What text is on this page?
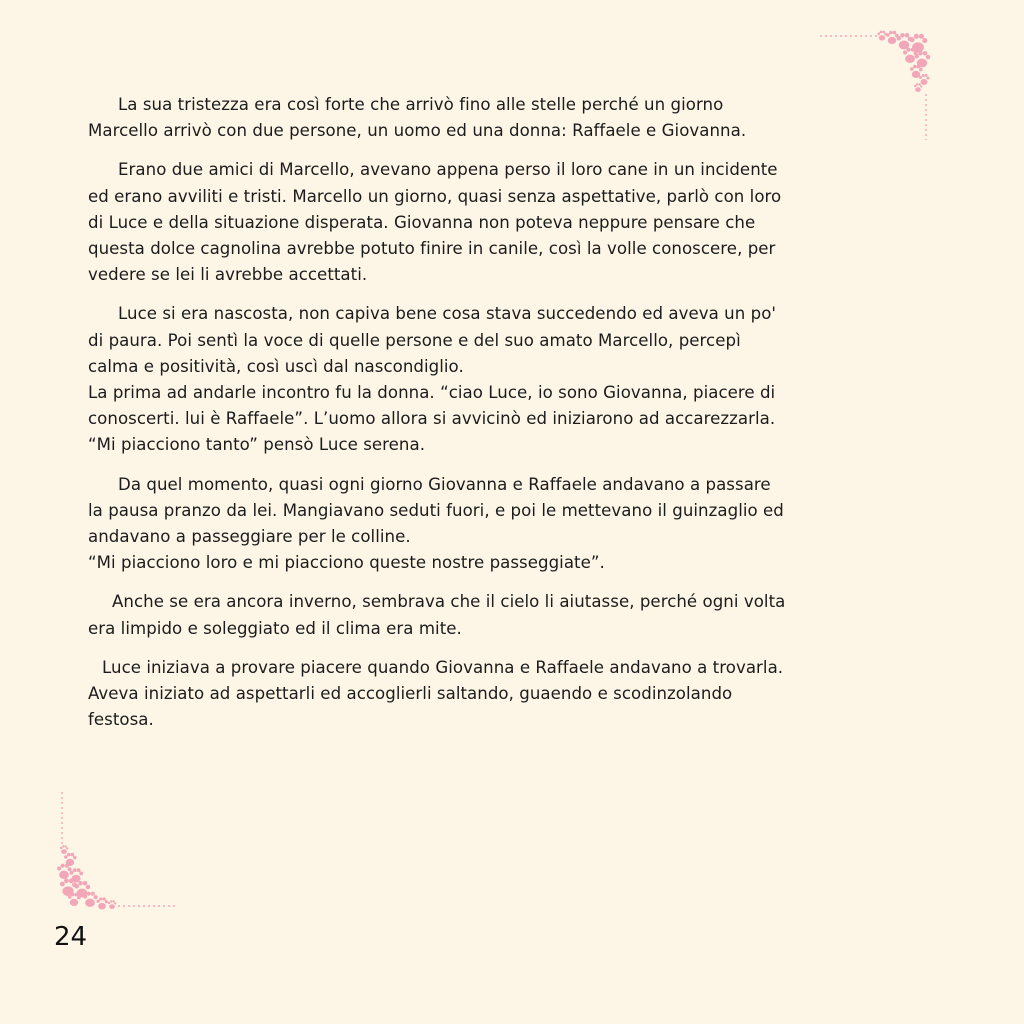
La sua tristezza era così forte che arrivò fino alle stelle perché un giorno
Marcello arrivò con due persone, un uomo ed una donna: Raffaele e Giovanna.

Erano due amici di Marcello, avevano appena perso il loro cane in un incidente
ed erano avviliti e tristi. Marcello un giorno, quasi senza aspettative, parlò con loro
di Luce e della situazione disperata. Giovanna non poteva neppure pensare che
questa dolce cagnolina avrebbe potuto finire in canile, così la volle conoscere, per
vedere se lei li avrebbe accettati.

Luce si era nascosta, non capiva bene cosa stava succedendo ed aveva un po'
di paura. Poi sentì la voce di quelle persone e del suo amato Marcello, percepì
calma e positività, così uscì dal nascondiglio.
La prima ad andarle incontro fu la donna. “ciao Luce, io sono Giovanna, piacere di
conoscerti. lui è Raffaele”. L’uomo allora si avvicinò ed iniziarono ad accarezzarla.
“Mi piacciono tanto” pensò Luce serena.

Da quel momento, quasi ogni giorno Giovanna e Raffaele andavano a passare
la pausa pranzo da lei. Mangiavano seduti fuori, e poi le mettevano il guinzaglio ed
andavano a passeggiare per le colline.
“Mi piacciono loro e mi piacciono queste nostre passeggiate”.

Anche se era ancora inverno, sembrava che il cielo li aiutasse, perché ogni volta
era limpido e soleggiato ed il clima era mite.

Luce iniziava a provare piacere quando Giovanna e Raffaele andavano a trovarla.
Aveva iniziato ad aspettarli ed accoglierli saltando, guaendo e scodinzolando
festosa.

24
